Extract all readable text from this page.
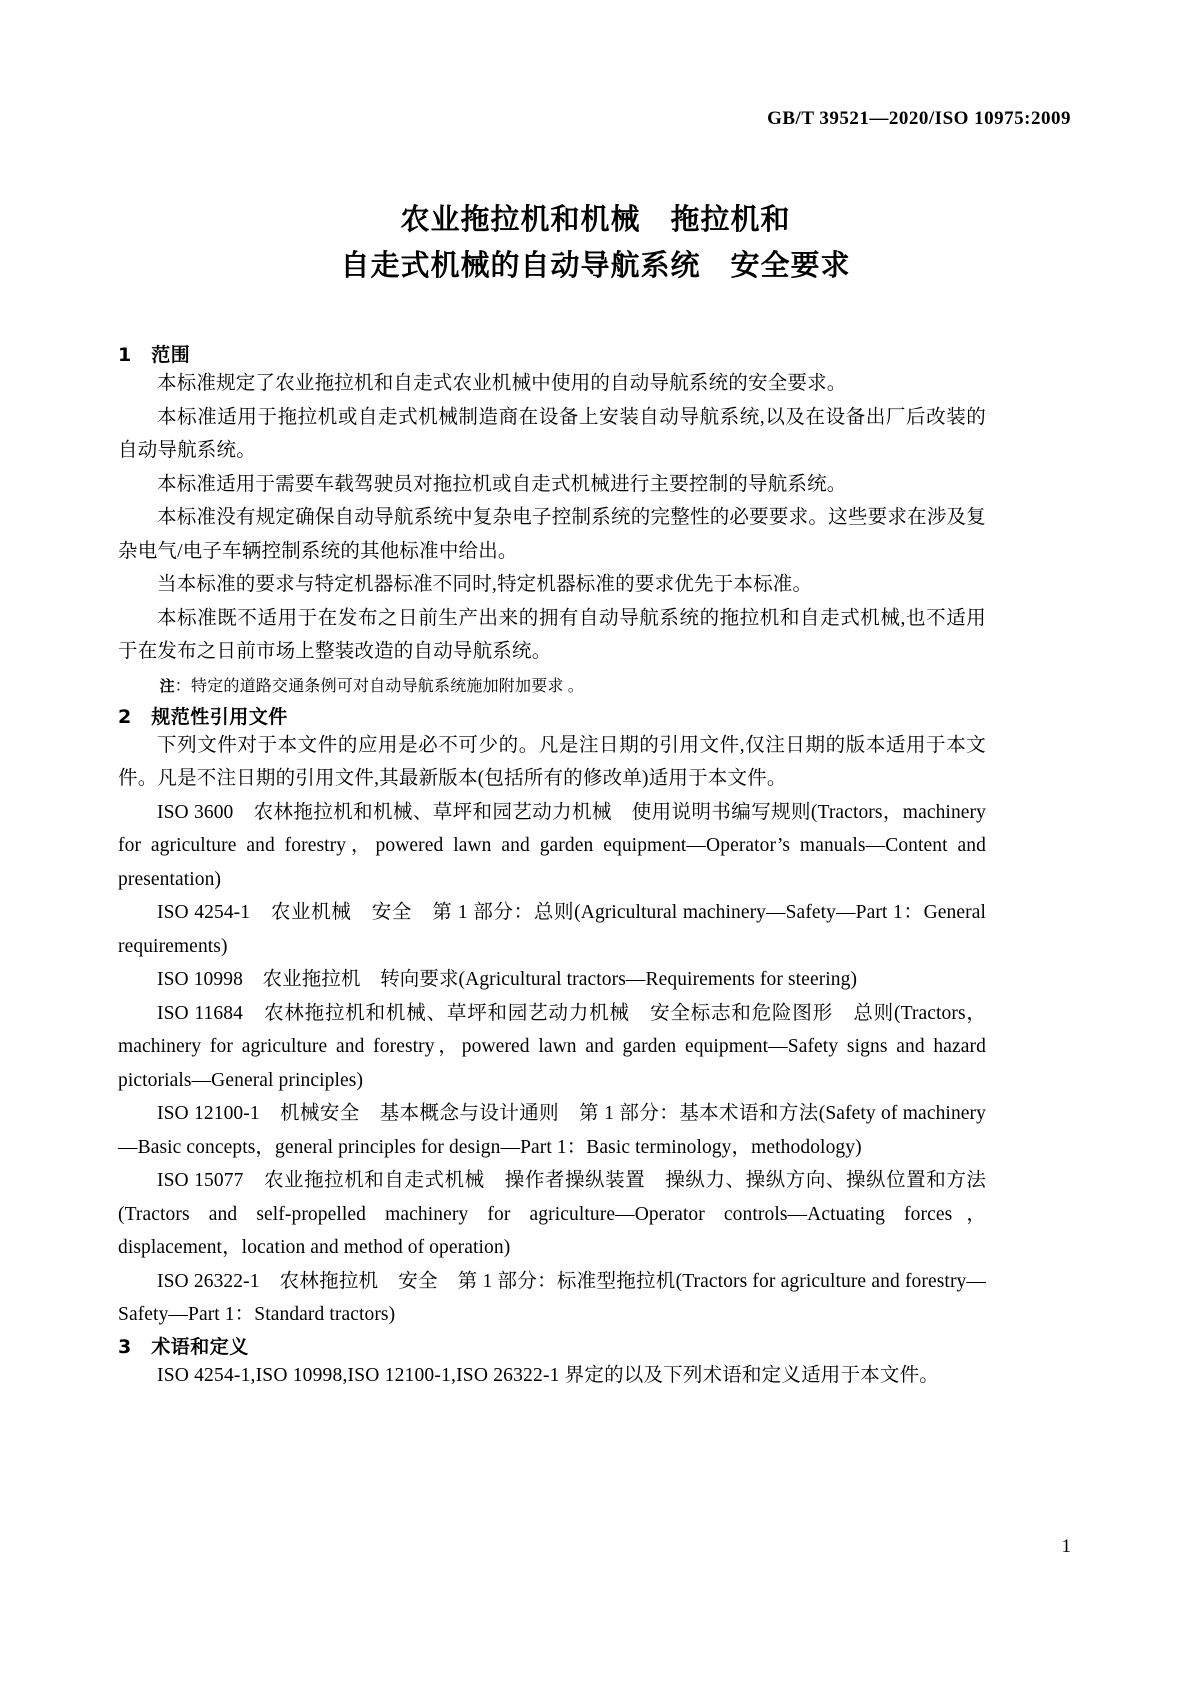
GB/T 39521—2020/ISO 10975:2009
农业拖拉机和机械　拖拉机和
自走式机械的自动导航系统　安全要求
1　范围

本标准规定了农业拖拉机和自走式农业机械中使用的自动导航系统的安全要求。

本标准适用于拖拉机或自走式机械制造商在设备上安装自动导航系统,以及在设备出厂后改装的自动导航系统。

本标准适用于需要车载驾驶员对拖拉机或自走式机械进行主要控制的导航系统。

本标准没有规定确保自动导航系统中复杂电子控制系统的完整性的必要要求。这些要求在涉及复杂电气/电子车辆控制系统的其他标准中给出。

当本标准的要求与特定机器标准不同时,特定机器标准的要求优先于本标准。

本标准既不适用于在发布之日前生产出来的拥有自动导航系统的拖拉机和自走式机械,也不适用于在发布之日前市场上整装改造的自动导航系统。

注：特定的道路交通条例可对自动导航系统施加附加要求 。

2　规范性引用文件

下列文件对于本文件的应用是必不可少的。凡是注日期的引用文件,仅注日期的版本适用于本文件。凡是不注日期的引用文件,其最新版本(包括所有的修改单)适用于本文件。

ISO 3600　农林拖拉机和机械、草坪和园艺动力机械　使用说明书编写规则(Tractors，machinery for agriculture and forestry，powered lawn and garden equipment—Operator’s manuals—Content and presentation)

ISO 4254-1　农业机械　安全　第 1 部分：总则(Agricultural machinery—Safety—Part 1：General requirements)

ISO 10998　农业拖拉机　转向要求(Agricultural tractors—Requirements for steering)

ISO 11684　农林拖拉机和机械、草坪和园艺动力机械　安全标志和危险图形　总则(Tractors，machinery for agriculture and forestry，powered lawn and garden equipment—Safety signs and hazard pictorials—General principles)

ISO 12100-1　机械安全　基本概念与设计通则　第 1 部分：基本术语和方法(Safety of machinery—Basic concepts，general principles for design—Part 1：Basic terminology，methodology)

ISO 15077　农业拖拉机和自走式机械　操作者操纵装置　操纵力、操纵方向、操纵位置和方法(Tractors and self-propelled machinery for agriculture—Operator controls—Actuating forces，displacement，location and method of operation)

ISO 26322-1　农林拖拉机　安全　第 1 部分：标准型拖拉机(Tractors for agriculture and forestry—Safety—Part 1：Standard tractors)

3　术语和定义

ISO 4254-1,ISO 10998,ISO 12100-1,ISO 26322-1 界定的以及下列术语和定义适用于本文件。

1
